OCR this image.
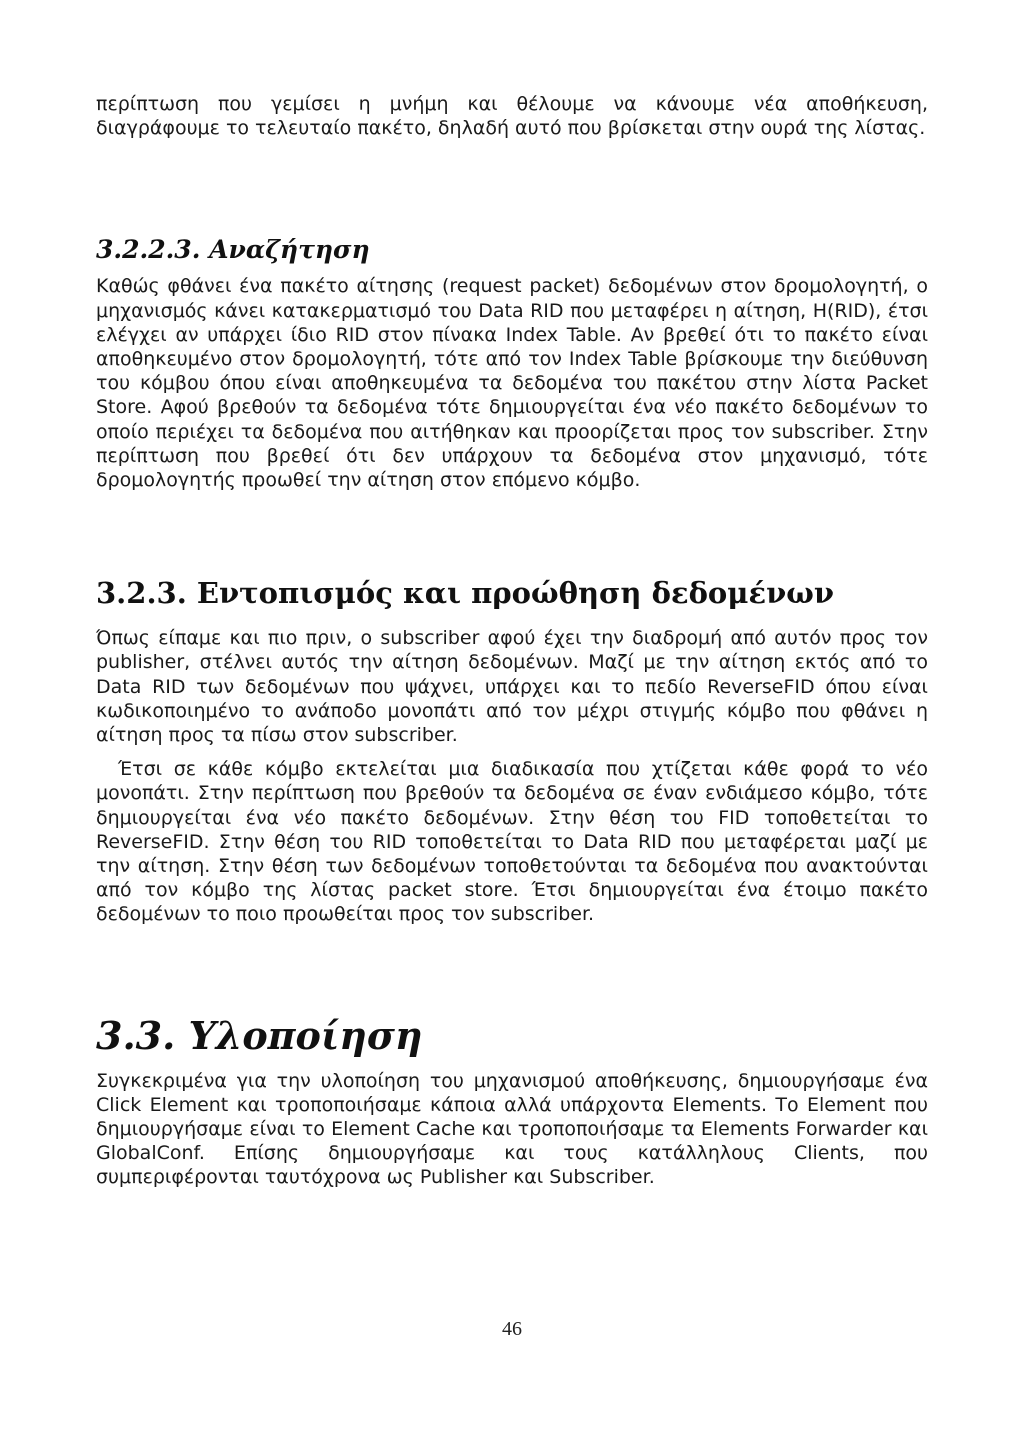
περίπτωση που γεμίσει η μνήμη και θέλουμε να κάνουμε νέα αποθήκευση, διαγράφουμε το τελευταίο πακέτο, δηλαδή αυτό που βρίσκεται στην ουρά της λίστας.

3.2.2.3. Αναζήτηση

Καθώς φθάνει ένα πακέτο αίτησης (request packet) δεδομένων στον δρομολογητή, ο μηχανισμός κάνει κατακερματισμό του Data RID που μεταφέρει η αίτηση, H(RID), έτσι ελέγχει αν υπάρχει ίδιο RID στον πίνακα Index Table. Αν βρεθεί ότι το πακέτο είναι αποθηκευμένο στον δρομολογητή, τότε από τον Index Table βρίσκουμε την διεύθυνση του κόμβου όπου είναι αποθηκευμένα τα δεδομένα του πακέτου στην λίστα Packet Store. Αφού βρεθούν τα δεδομένα τότε δημιουργείται ένα νέο πακέτο δεδομένων το οποίο περιέχει τα δεδομένα που αιτήθηκαν και προορίζεται προς τον subscriber. Στην περίπτωση που βρεθεί ότι δεν υπάρχουν τα δεδομένα στον μηχανισμό, τότε δρομολογητής προωθεί την αίτηση στον επόμενο κόμβο.

3.2.3. Εντοπισμός και προώθηση δεδομένων

Όπως είπαμε και πιο πριν, ο subscriber αφού έχει την διαδρομή από αυτόν προς τον publisher, στέλνει αυτός την αίτηση δεδομένων. Μαζί με την αίτηση εκτός από το Data RID των δεδομένων που ψάχνει, υπάρχει και το πεδίο ReverseFID όπου είναι κωδικοποιημένο το ανάποδο μονοπάτι από τον μέχρι στιγμής κόμβο που φθάνει η αίτηση προς τα πίσω στον subscriber.

Έτσι σε κάθε κόμβο εκτελείται μια διαδικασία που χτίζεται κάθε φορά το νέο μονοπάτι. Στην περίπτωση που βρεθούν τα δεδομένα σε έναν ενδιάμεσο κόμβο, τότε δημιουργείται ένα νέο πακέτο δεδομένων. Στην θέση του FID τοποθετείται το ReverseFID. Στην θέση του RID τοποθετείται το Data RID που μεταφέρεται μαζί με την αίτηση. Στην θέση των δεδομένων τοποθετούνται τα δεδομένα που ανακτούνται από τον κόμβο της λίστας packet store. Έτσι δημιουργείται ένα έτοιμο πακέτο δεδομένων το ποιο προωθείται προς τον subscriber.

3.3. Υλοποίηση

Συγκεκριμένα για την υλοποίηση του μηχανισμού αποθήκευσης, δημιουργήσαμε ένα Click Element και τροποποιήσαμε κάποια αλλά υπάρχοντα Elements. Το Element που δημιουργήσαμε είναι το Element Cache και τροποποιήσαμε τα Elements Forwarder και GlobalConf. Επίσης δημιουργήσαμε και τους κατάλληλους Clients, που συμπεριφέρονται ταυτόχρονα ως Publisher και Subscriber.

46
